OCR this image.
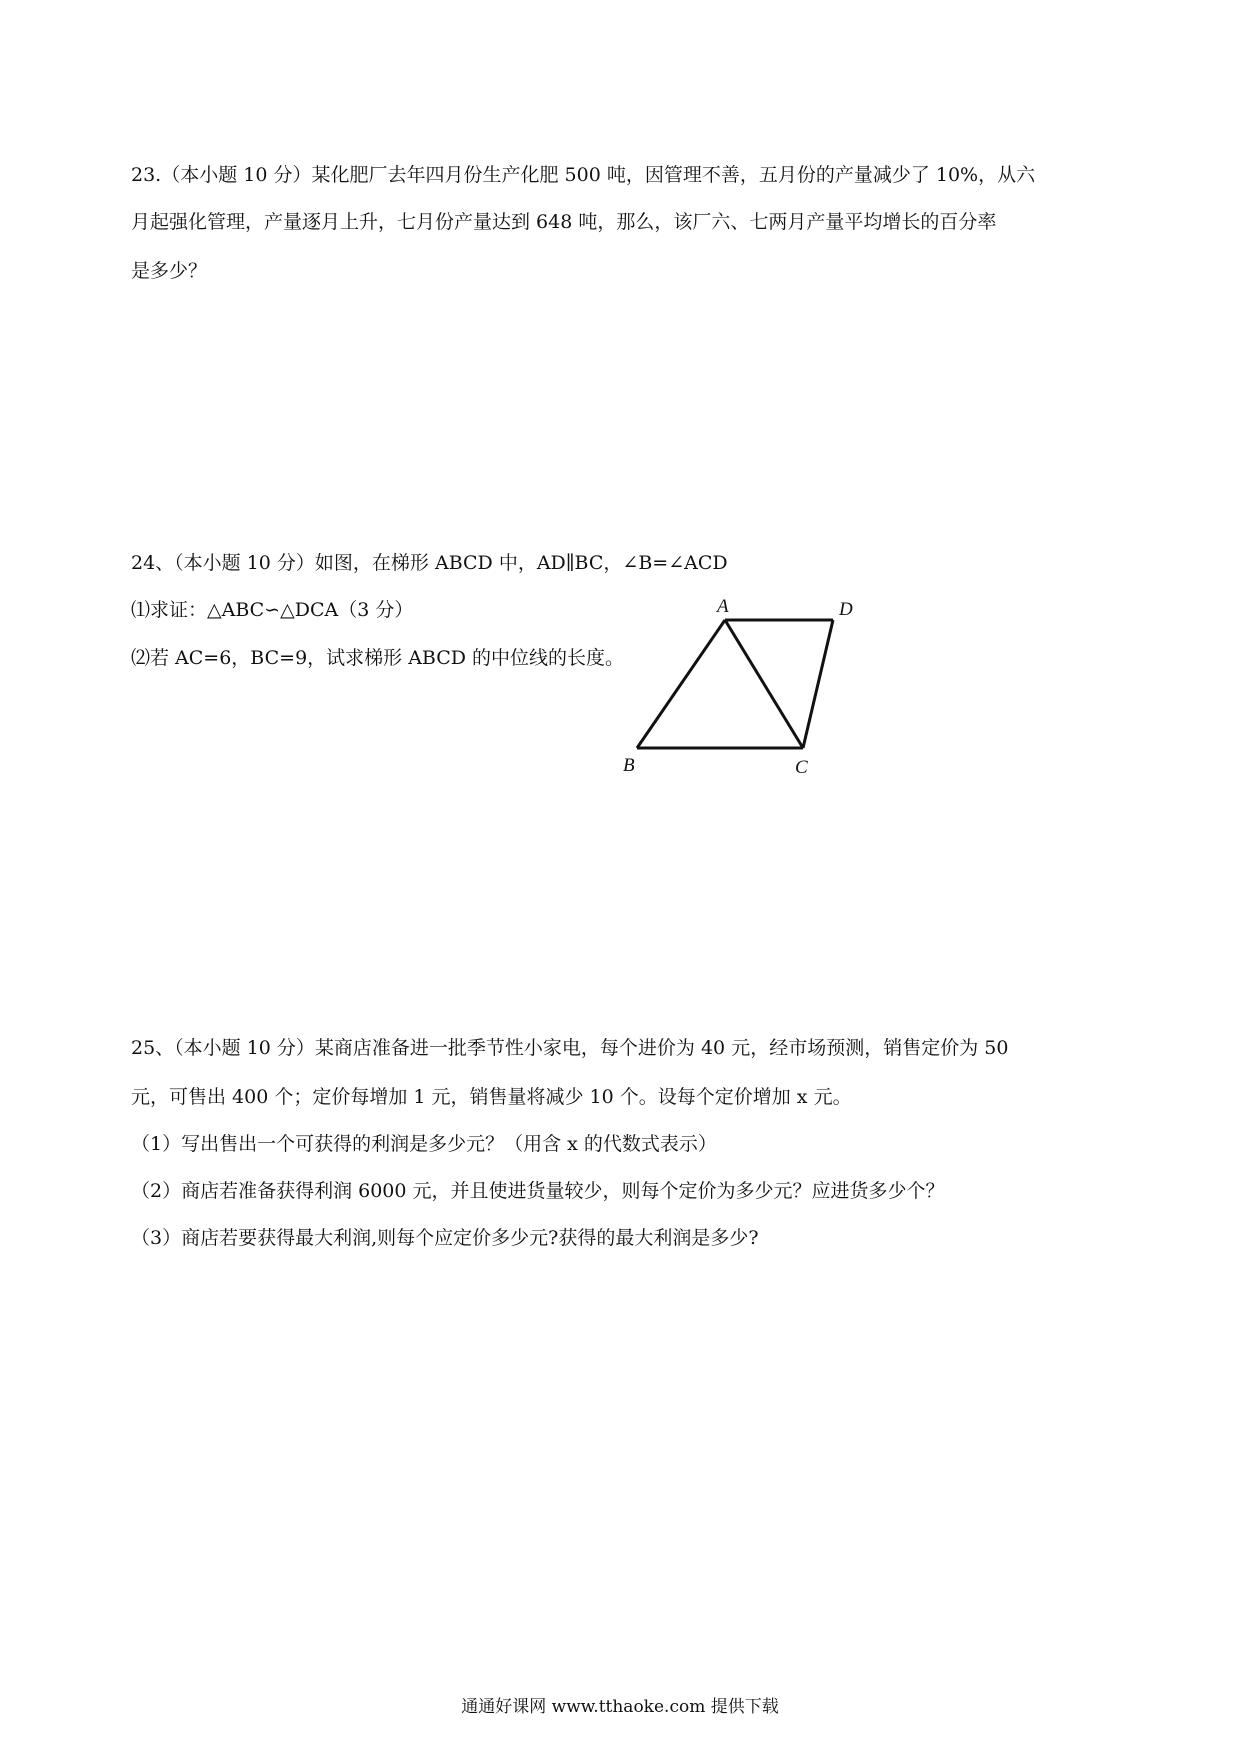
23.（本小题 10 分）某化肥厂去年四月份生产化肥 500 吨，因管理不善，五月份的产量减少了 10%，从六
月起强化管理，产量逐月上升，七月份产量达到 648 吨，那么，该厂六、七两月产量平均增长的百分率
是多少？
24、（本小题 10 分）如图，在梯形 ABCD 中，AD∥BC，∠B=∠ACD
⑴求证：△ABC∽△DCA（3 分）
⑵若 AC=6，BC=9，试求梯形 ABCD 的中位线的长度。
A	D
B	C
25、（本小题 10 分）某商店准备进一批季节性小家电，每个进价为 40 元，经市场预测，销售定价为 50
元，可售出 400 个；定价每增加 1 元，销售量将减少 10 个。设每个定价增加 x 元。
（1）写出售出一个可获得的利润是多少元？（用含 x 的代数式表示）
（2）商店若准备获得利润 6000 元，并且使进货量较少，则每个定价为多少元？应进货多少个？
（3）商店若要获得最大利润,则每个应定价多少元?获得的最大利润是多少?
通通好课网 www.tthaoke.com 提供下载
